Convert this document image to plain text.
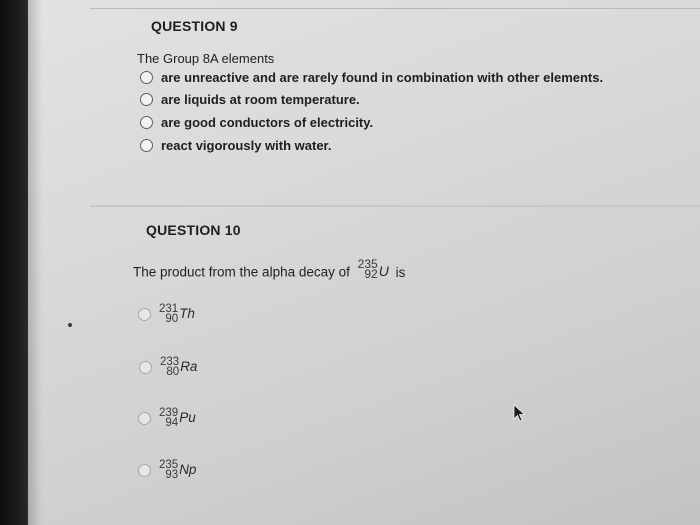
QUESTION 9
The Group 8A elements
are unreactive and are rarely found in combination with other elements.
are liquids at room temperature.
are good conductors of electricity.
react vigorously with water.
QUESTION 10
The product from the alpha decay of
235
92 U is
231
90 Th
233
80 Ra
239
94 Pu
235
93 Np
